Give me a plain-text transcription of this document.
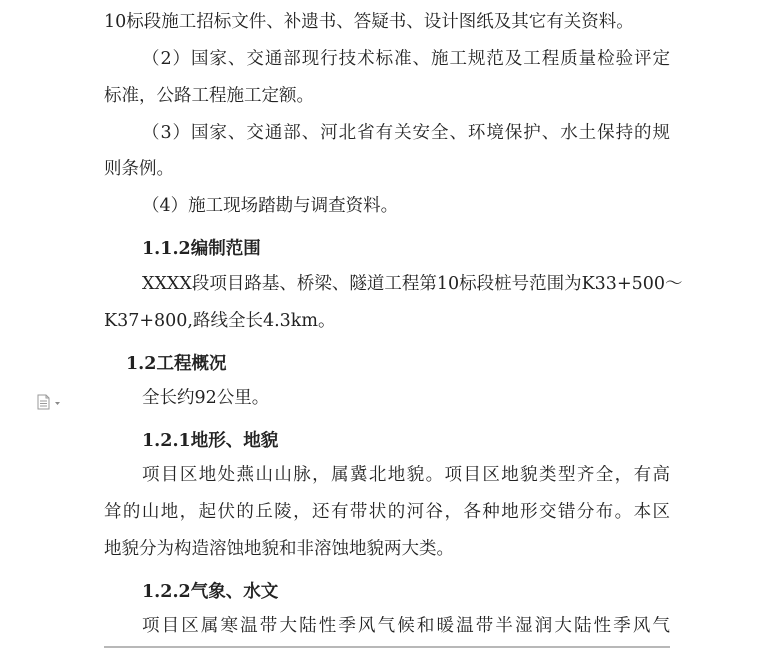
10标段施工招标文件、补遗书、答疑书、设计图纸及其它有关资料。
（2）国家、交通部现行技术标准、施工规范及工程质量检验评定
标准，公路工程施工定额。
（3）国家、交通部、河北省有关安全、环境保护、水土保持的规
则条例。
（4）施工现场踏勘与调查资料。
1.1.2编制范围
XXXX段项目路基、桥梁、隧道工程第10标段桩号范围为K33+500～
K37+800,路线全长4.3km。
1.2工程概况
全长约92公里。
1.2.1地形、地貌
项目区地处燕山山脉，属冀北地貌。项目区地貌类型齐全，有高
耸的山地，起伏的丘陵，还有带状的河谷，各种地形交错分布。本区
地貌分为构造溶蚀地貌和非溶蚀地貌两大类。
1.2.2气象、水文
项目区属寒温带大陆性季风气候和暖温带半湿润大陆性季风气
